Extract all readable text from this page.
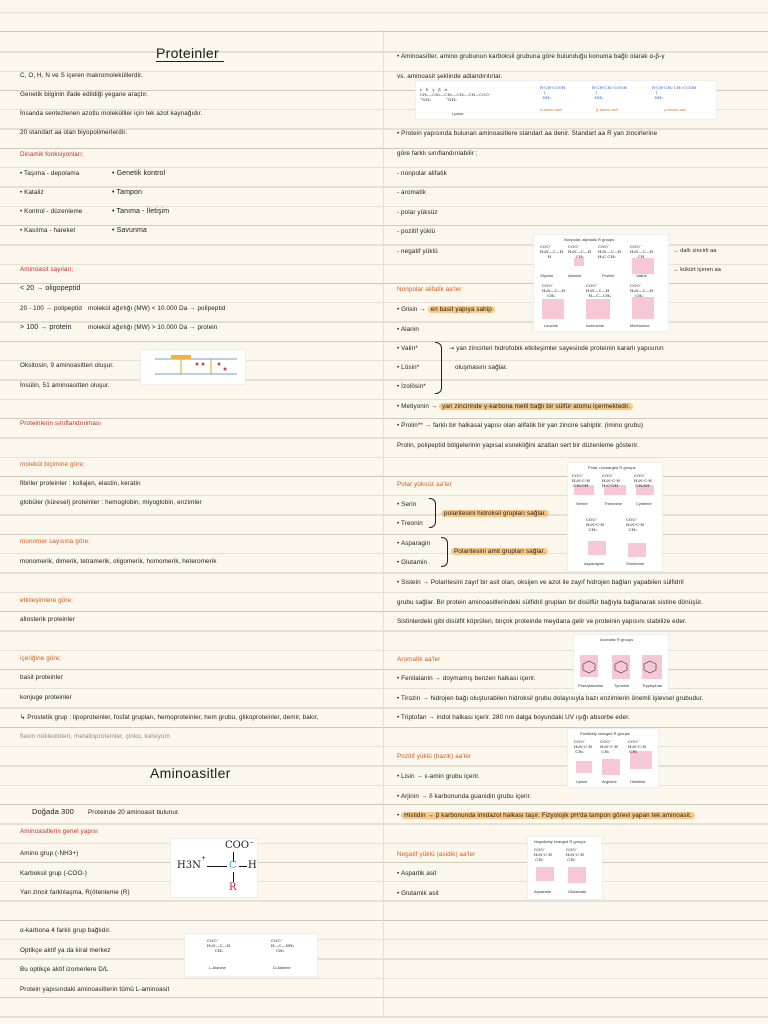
Proteinler
C, O, H, N ve S içeren makromoleküllerdir.
Genetik bilginin ifade edildiği yegane araçtır.
İnsanda sentezlenen azotlu molekülller için tek azot kaynağıdır.
20 standart aa olan biyopolimerlerdir.
Dinamik fonksiyonları;
• Taşıma - depolama	• Genetik kontrol
• Kataliz	• Tampon
• Kontrol - düzenleme	• Tanıma - İletişim
• Kasılma - hareket	• Savunma
Aminoasit sayıları;
< 20 → oligopeptid
20 - 100 → polipeptid molekül ağırlığı (MW) < 10.000 Da → polipeptid
> 100 → protein	molekül ağırlığı (MW) > 10.000 Da → protein
Oksitosin, 9 aminoasitten oluşur.
İnsülin, 51 aminoasitten oluşur.
Proteinlerin sınıflandırılması
molekül biçimine göre;
fibriler proteinler : kollajen, elastin, keratin
globüler (küresel) proteinler : hemoglobin, miyoglobin, enzimler
monomer sayısına göre;
monomerik, dimerik, tetramerik, oligomerik, homomerik, heteromerik
etkileşimlere göre;
allosterik proteinler
içeriğine göre;
basit proteinler
konjuge proteinler
↳ Prostetik grup : lipoproteinler, fosfat grupları, hemoproteinler, hem grubu, glikoproteinler, demir, bakır,
flavin nükleotitleri, metalloproteinler, çinko, kalsiyum
Aminoasitler
Doğada 300 Proteinde 20 aminoasit bulunur.
Aminoasitlerin genel yapısı
Amino grup (-NH3+)
Karboksil grup (-COO-)
Yan zincir farklılaşma, R(ötenleme (R)
COO⁻
H3N
+
C H
R
α-karbona 4 farklı grup bağlıdır.
Optikçe aktif ya da kiral merkez
Bu optikçe aktif izomerlere D/L
Protein yapısındaki aminoasitlerin tümü L-aminoasit
COO⁻
H₃N—C—H
CH₃
COO⁻
H—C—NH₃
CH₃
L-Alanine	D-Alanine
• Aminoasitler, amino grubunun karboksil grubuna göre bulunduğu konuma bağlı olarak α-β-γ
vs. aminoasit şeklinde adlandırılırlar.
ε   δ   γ   β   α
CH₂—CH₂—CH₂—CH₂—CH—COO⁻
⁺NH₃            ⁺NH₃
Lysine
R-CH-COOH
|
NH₂
α-amino asit
R-CH-CH₂-COOH
|
NH₂
β-amino asit
R-CH-CH₂-CH₂-COOH
|
NH₂
γ-amino asit
• Protein yapısında bulunan aminoasitlere standart aa denir. Standart aa R yan zincirlerine
göre farklı sınıflandırılabilir :
- nonpolar alifatik
- aromatik
- polar yüksüz
- pozitif yüklü
- negatif yüklü
Nonpolar, aliphatic R groups
COO⁻
H₃N—C—H
H
COO⁻
H₃N—C—H
CH₃
COO⁻
H₂N—C—H
H₂C CH₂
COO⁻
H₃N—C—H
CH
Glycine	Alanine	Proline	Valine
COO⁻
H₃N—C—H
CH₂
COO⁻
H₃N—C—H
H—C—CH₃
COO⁻
H₃N—C—H
CH₂
Leucine	Isoleucine	Methionine
→ dallı zincirli aa
→ kükürt içeren aa
Nonpolar alifatik aa'ler
• Glisin → en basit yapıya sahip
• Alanin
• Valin*
• Lösin*
• İzolösin*
→ yan zincirleri hidrofobik etkileşimler sayesinde proteinin kararlı yapısının
oluşmasını sağlar.
• Metiyonin → yan zincirinde γ-karbona metil bağlı bir sülfür atomu içermektedir.
• Prolin** → farklı bir halkasal yapısı olan alifatik bir yan zincire sahiptir. (imino grubu)
Prolin, polipeptid bölgelerinin yapısal esnekliğini azaltan sert bir düzenleme gösterir.
Polar, uncharged R groups
COO⁻
H₃N-C-H
CH₂OH
COO⁻
H₃N-C-H
H-C-OH
COO⁻
H₃N-C-H
CH₂SH
Serine	Threonine	Cysteine
COO⁻
H₃N-C-H
CH₂
COO⁻
H₃N-C-H
CH₂
Asparagine	Glutamine
Polar yüksüz aa'ler
• Serin
• Treonin
polaritesini hidroksil grupları sağlar.
• Asparagin
• Glutamin
Polaritesini amit grupları sağlar.
• Sistein → Polaritesini zayıf bir asit olan, oksijen ve azot ile zayıf hidrojen bağları yapabilen sülfidril
grubu sağlar. Bir protein aminoasitlerindeki sülfidril grupları bir disülfür bağıyla bağlanarak sistine dönüşür.
Sistinlerdeki gibi disülfit köprüleri, birçok proteinde meydana gelir ve proteinin yapısını stabilize eder.
Aromatic R groups
Phenylalanine	Tyrosine	Tryptophan
Aromatik aa'ler
• Fenilalanin → doymamış benzen halkası içerir.
• Tirozin → hidrojen bağı oluşturabilen hidroksil grubu dolayısıyla bazı enzimlerin önemli işlevsel grubudur.
• Triptofan → indol halkası içerir. 280 nm dalga boyundaki UV ışığı absorbe eder.
Positively charged R groups
COO⁻
H₃N-C-H
CH₂
COO⁻
H₃N-C-H
CH₂
COO⁻
H₃N-C-H
CH₂
Lysine	Arginine	Histidine
Pozitif yüklü (bazik) aa'ler
• Lisin → ε-amin grubu içerir.
• Arjinin → δ karbonunda guanidin grubu içerir.
• Histidin → β karbonunda imidazol halkası taşır. Fizyolojik pH'da tampon görevi yapan tek aminoasit.
Negatively charged R groups
COO⁻
H₃N-C-H
CH₂
COO⁻
H₃N-C-H
CH₂
Aspartate	Glutamate
Negatif yüklü (asidik) aa'ler
• Aspartik asit
• Glutamik asit
